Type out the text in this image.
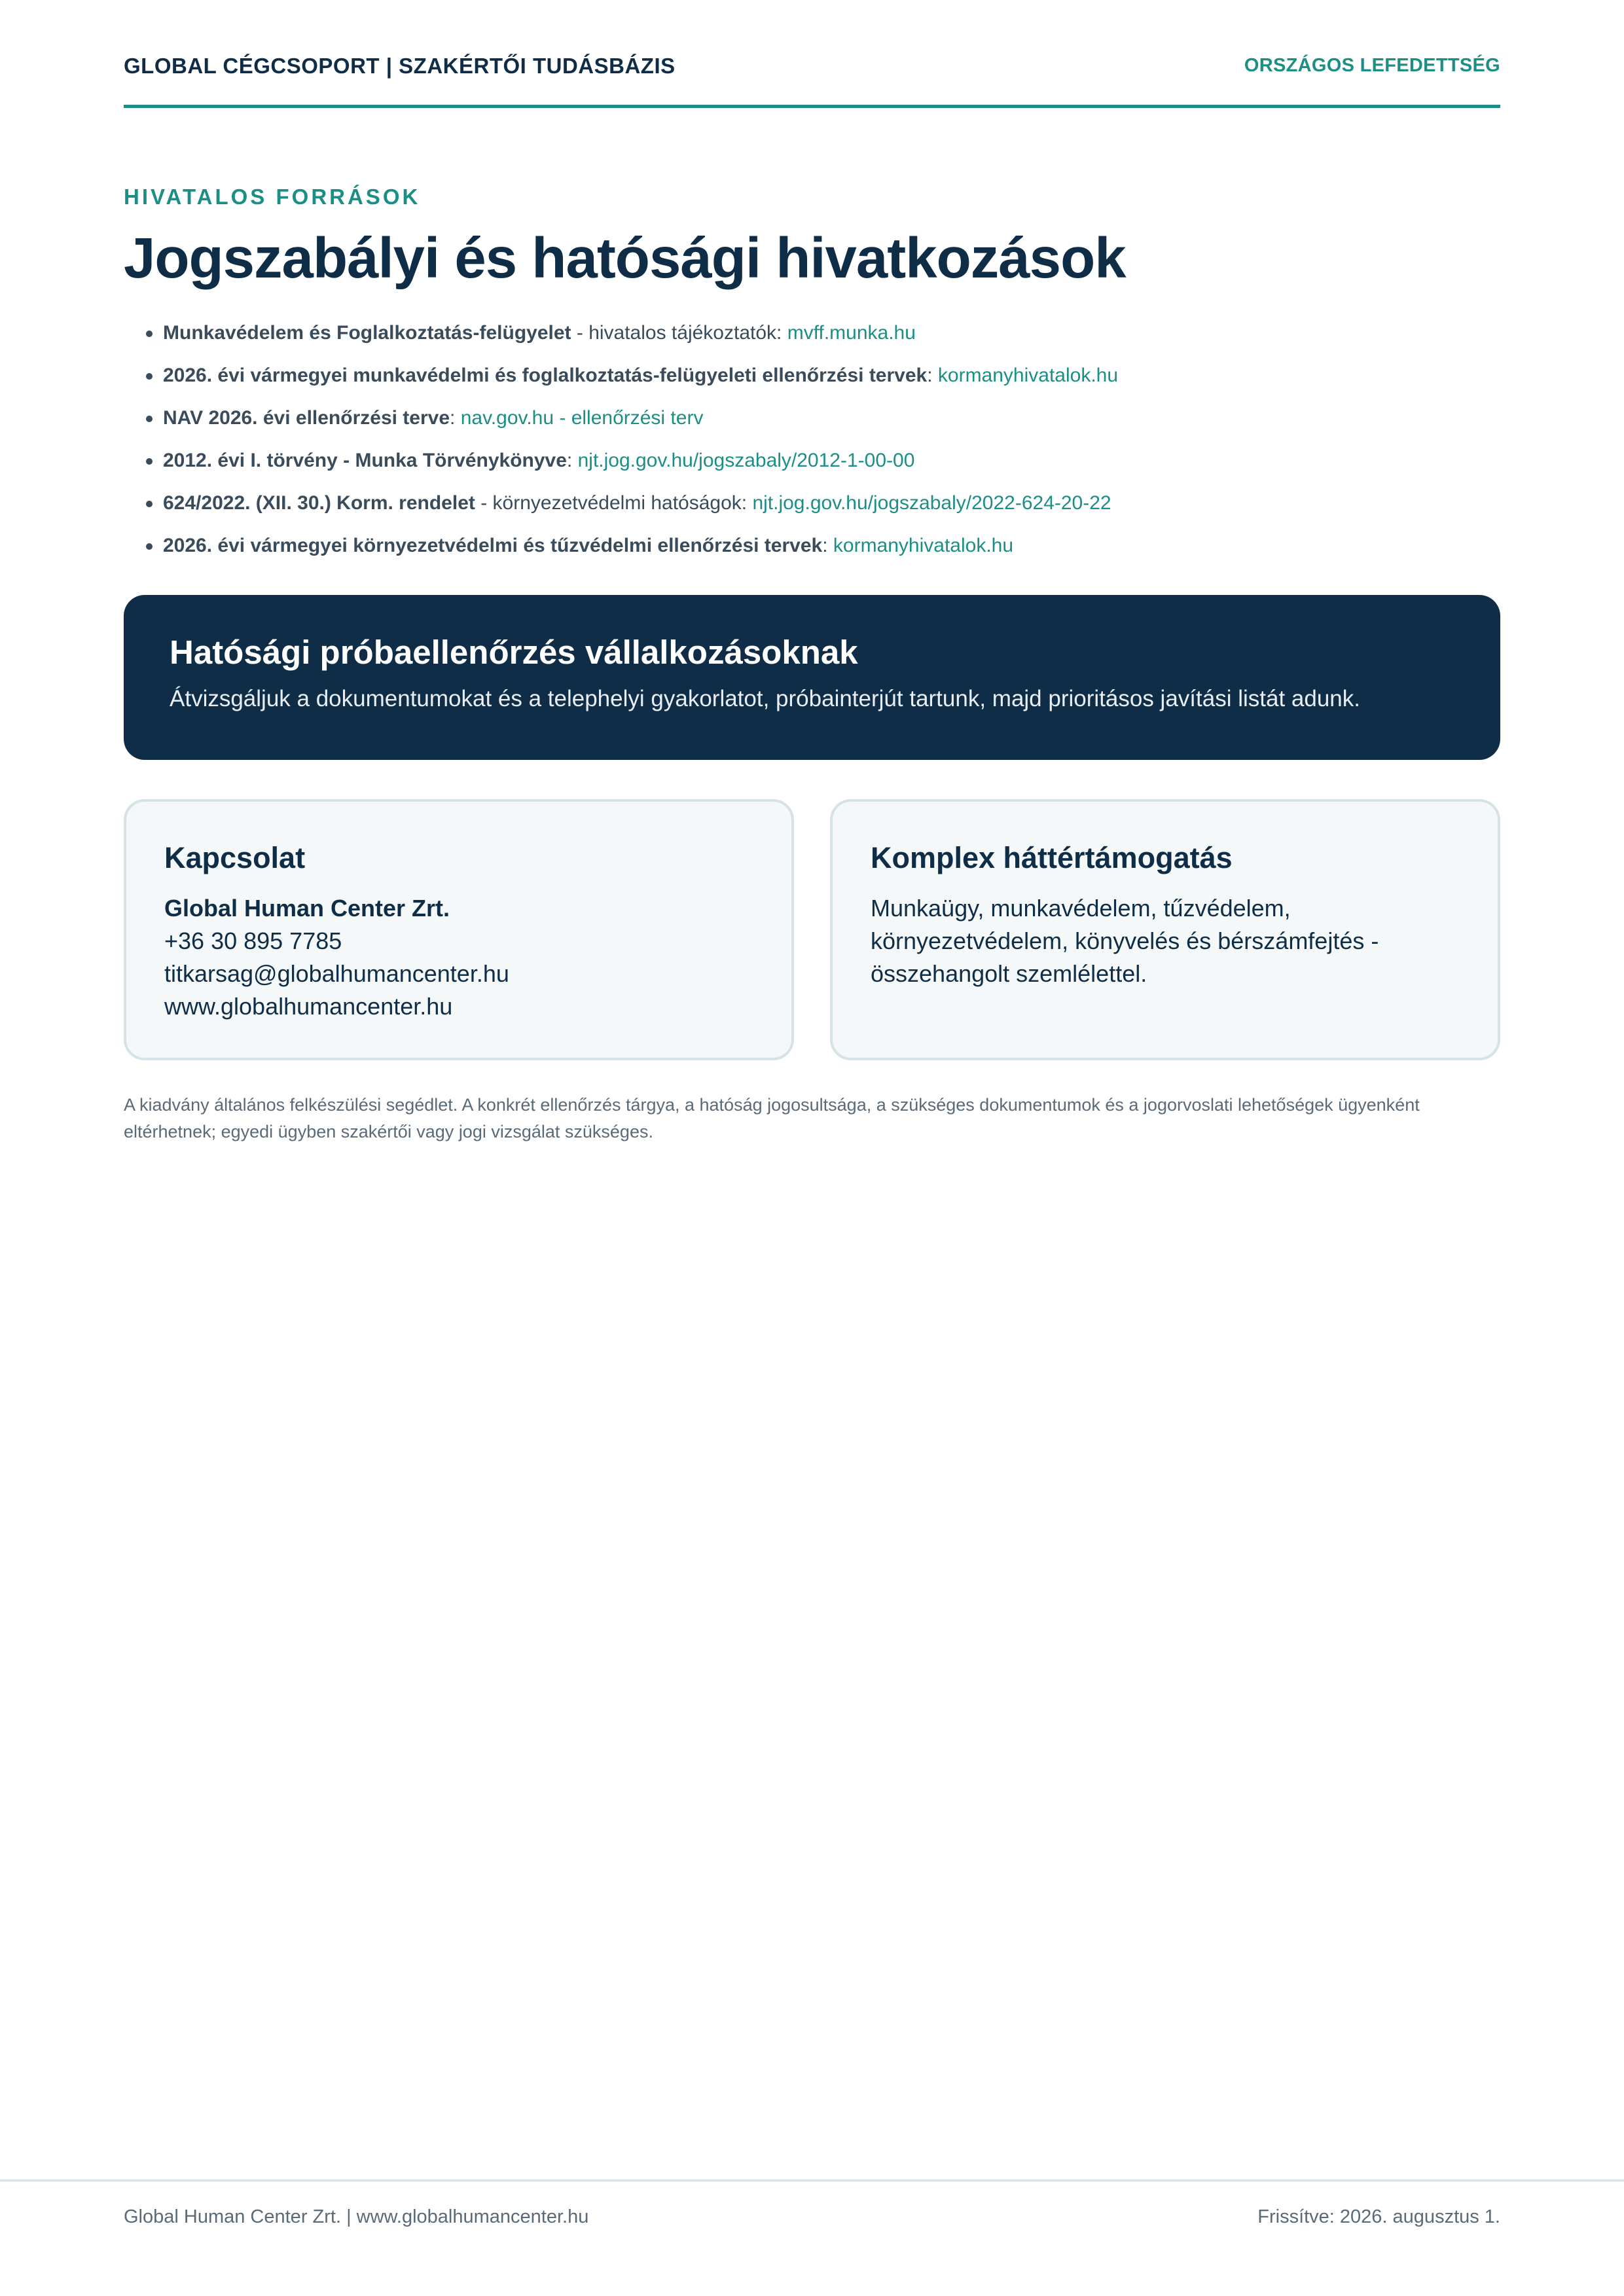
GLOBAL CÉGCSOPORT | SZAKÉRTŐI TUDÁSBÁZIS	ORSZÁGOS LEFEDETTSÉG
HIVATALOS FORRÁSOK
Jogszabályi és hatósági hivatkozások
Munkavédelem és Foglalkoztatás-felügyelet - hivatalos tájékoztatók: mvff.munka.hu
2026. évi vármegyei munkavédelmi és foglalkoztatás-felügyeleti ellenőrzési tervek: kormanyhivatalok.hu
NAV 2026. évi ellenőrzési terve: nav.gov.hu - ellenőrzési terv
2012. évi I. törvény - Munka Törvénykönyve: njt.jog.gov.hu/jogszabaly/2012-1-00-00
624/2022. (XII. 30.) Korm. rendelet - környezetvédelmi hatóságok: njt.jog.gov.hu/jogszabaly/2022-624-20-22
2026. évi vármegyei környezetvédelmi és tűzvédelmi ellenőrzési tervek: kormanyhivatalok.hu
Hatósági próbaellenőrzés vállalkozásoknak

Átvizsgáljuk a dokumentumokat és a telephelyi gyakorlatot, próbainterjút tartunk, majd prioritásos javítási listát adunk.

Kapcsolat
Global Human Center Zrt.
+36 30 895 7785
titkarsag@globalhumancenter.hu
www.globalhumancenter.hu
Komplex háttértámogatás
Munkaügy, munkavédelem, tűzvédelem, környezetvédelem, könyvelés és bérszámfejtés - összehangolt szemlélettel.

A kiadvány általános felkészülési segédlet. A konkrét ellenőrzés tárgya, a hatóság jogosultsága, a szükséges dokumentumok és a jogorvoslati lehetőségek ügyenként eltérhetnek; egyedi ügyben szakértői vagy jogi vizsgálat szükséges.

Global Human Center Zrt. | www.globalhumancenter.hu	Frissítve: 2026. augusztus 1.
